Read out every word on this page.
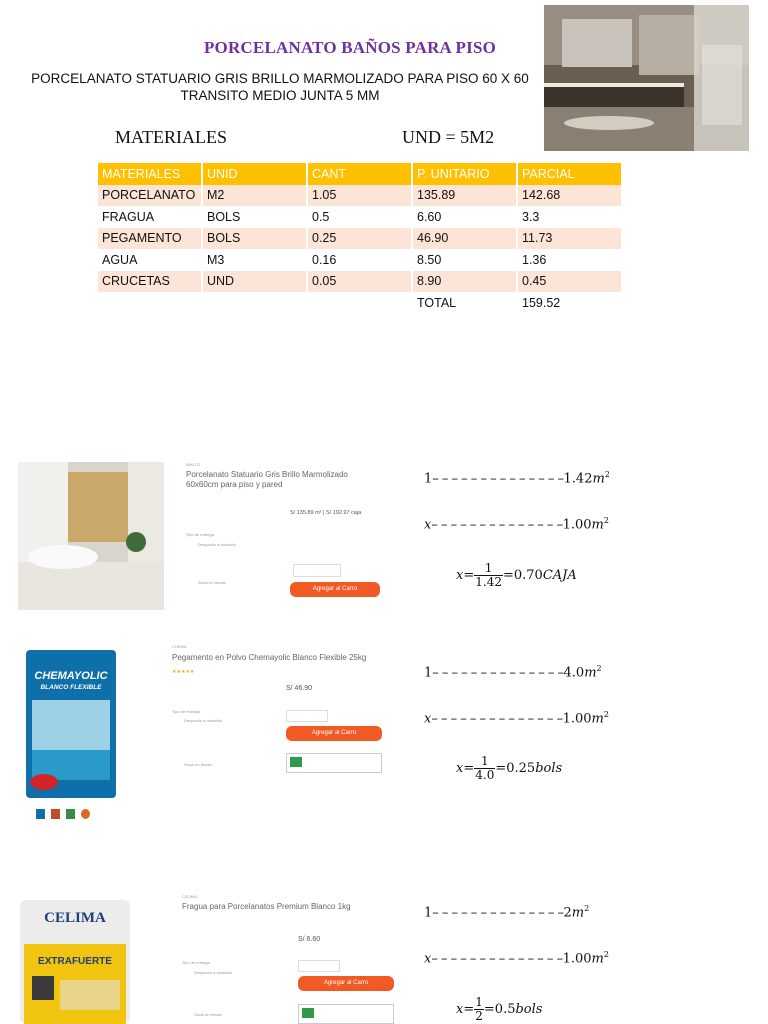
PORCELANATO BAÑOS PARA PISO
PORCELANATO STATUARIO GRIS BRILLO MARMOLIZADO PARA PISO 60 X 60
TRANSITO MEDIO JUNTA 5 MM
MATERIALES	UND = 5M2
MATERIALES	UNID	CANT	P. UNITARIO	PARCIAL
PORCELANATO	M2	1.05	135.89	142.68
FRAGUA	BOLS	0.5	6.60	3.3
PEGAMENTO	BOLS	0.25	46.90	11.73
AGUA	M3	0.16	8.50	1.36
CRUCETAS	UND	0.05	8.90	0.45
			TOTAL	159.52
RIALTO
Porcelanato Statuario Gris Brillo Marmolizado
60x60cm para piso y pared
S/ 135.89 m² | S/ 192.97 caja
Tipo de entrega
Despacho a domicilio
Stock en tienda
Agregar al Carro
1– – – – – – – – – – – – – $-1.42m^2$
x– – – – – – – – – – – – – $-1.00m^2$
$x= \frac{1}{1.42}$ =0.70CAJA
CHEMAYOLIC
BLANCO FLEXIBLE
CHEMA
Pegamento en Polvo Chemayolic Blanco Flexible 25kg
★★★★★
S/ 46.90
Tipo de entrega
Despacho a domicilio
Stock en tienda
Agregar al Carro
1– – – – – – – – – – – – – $-4.0m^2$
x– – – – – – – – – – – – – $-1.00m^2$
$x= \frac{1}{4.0}$ =0.25bols
CELIMA
EXTRAFUERTE
CELIMA
Fragua para Porcelanatos Premium Blanco 1kg
S/ 6.60
Tipo de entrega
Despacho a domicilio
Stock en tienda
Agregar al Carro
1– – – – – – – – – – – – – $-2m^2$
x– – – – – – – – – – – – – $-1.00m^2$
$x= \frac{1}{2}$ =0.5bols
